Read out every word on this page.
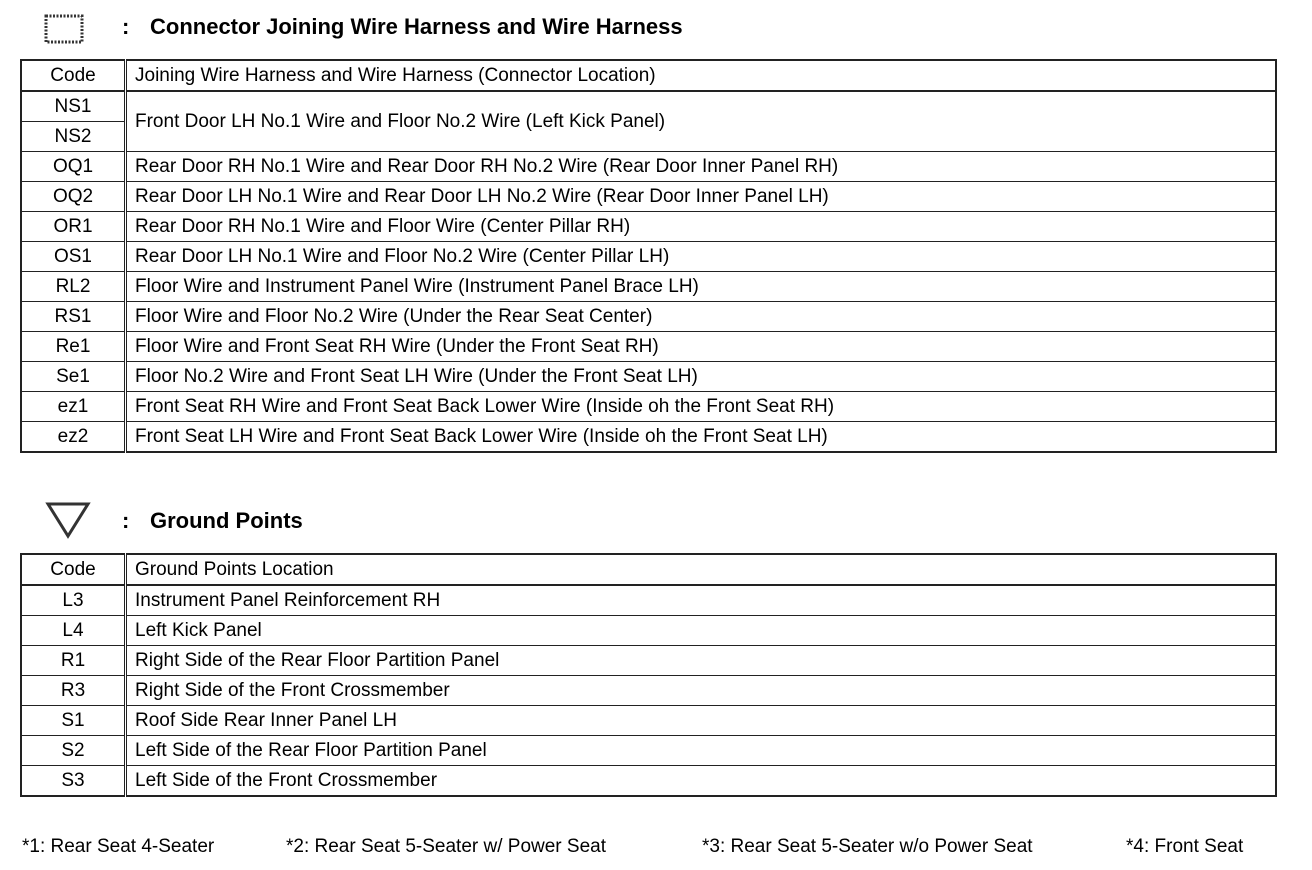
: Connector Joining Wire Harness and Wire Harness
Code	Joining Wire Harness and Wire Harness (Connector Location)
NS1	Front Door LH No.1 Wire and Floor No.2 Wire (Left Kick Panel)
NS2	
OQ1	Rear Door RH No.1 Wire and Rear Door RH No.2 Wire (Rear Door Inner Panel RH)
OQ2	Rear Door LH No.1 Wire and Rear Door LH No.2 Wire (Rear Door Inner Panel LH)
OR1	Rear Door RH No.1 Wire and Floor Wire (Center Pillar RH)
OS1	Rear Door LH No.1 Wire and Floor No.2 Wire (Center Pillar LH)
RL2	Floor Wire and Instrument Panel Wire (Instrument Panel Brace LH)
RS1	Floor Wire and Floor No.2 Wire (Under the Rear Seat Center)
Re1	Floor Wire and Front Seat RH Wire (Under the Front Seat RH)
Se1	Floor No.2 Wire and Front Seat LH Wire (Under the Front Seat LH)
ez1	Front Seat RH Wire and Front Seat Back Lower Wire (Inside oh the Front Seat RH)
ez2	Front Seat LH Wire and Front Seat Back Lower Wire (Inside oh the Front Seat LH)
: Ground Points
Code	Ground Points Location
L3	Instrument Panel Reinforcement RH
L4	Left Kick Panel
R1	Right Side of the Rear Floor Partition Panel
R3	Right Side of the Front Crossmember
S1	Roof Side Rear Inner Panel LH
S2	Left Side of the Rear Floor Partition Panel
S3	Left Side of the Front Crossmember
*1: Rear Seat 4-Seater	*2: Rear Seat 5-Seater w/ Power Seat	*3: Rear Seat 5-Seater w/o Power Seat	*4: Front Seat
